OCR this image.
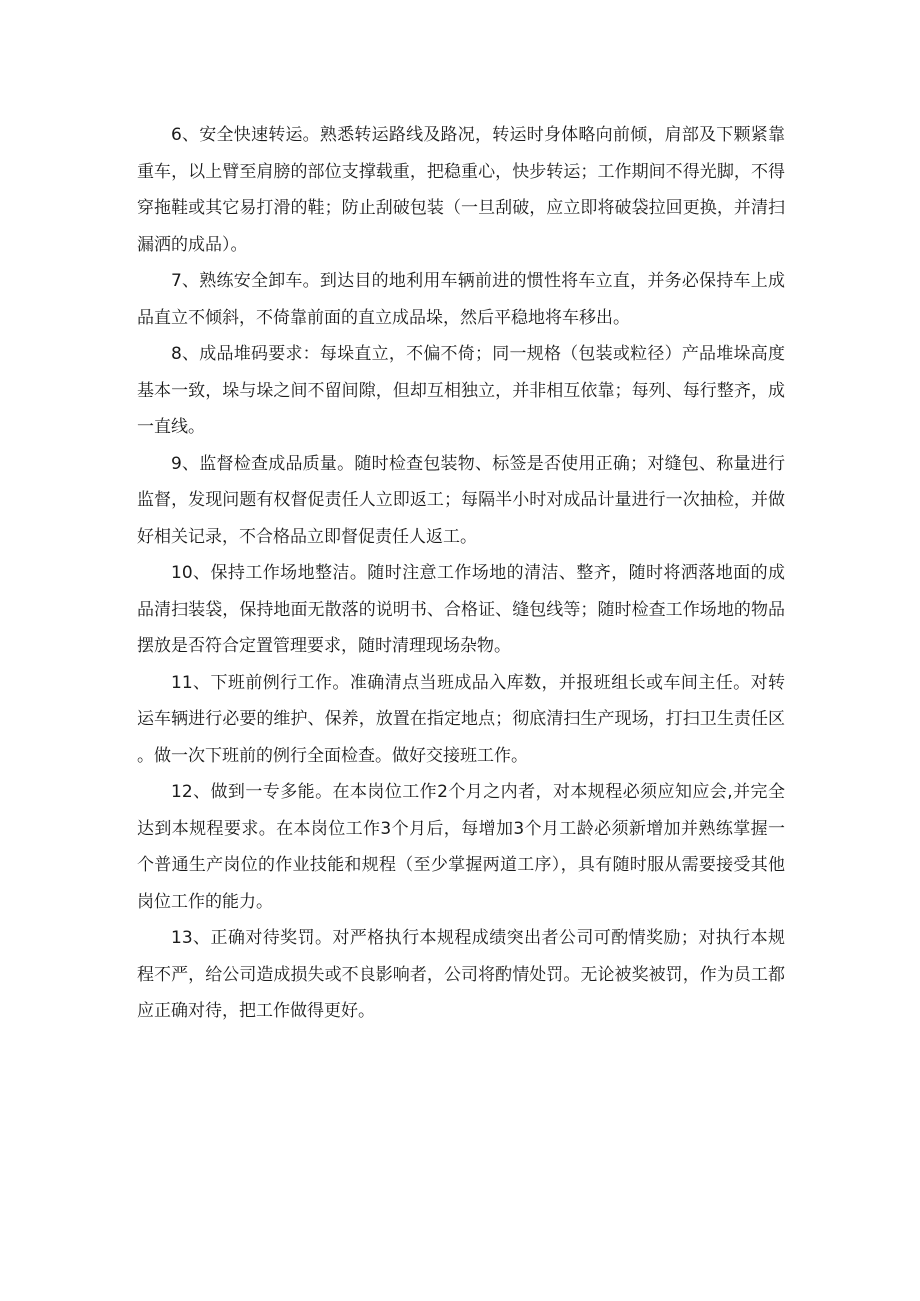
6、安全快速转运。熟悉转运路线及路况，转运时身体略向前倾，肩部及下颗紧靠重车，以上臂至肩膀的部位支撑载重，把稳重心，快步转运；工作期间不得光脚，不得穿拖鞋或其它易打滑的鞋；防止刮破包装（一旦刮破，应立即将破袋拉回更换，并清扫漏洒的成品）。

7、熟练安全卸车。到达目的地利用车辆前进的惯性将车立直，并务必保持车上成品直立不倾斜，不倚靠前面的直立成品垛，然后平稳地将车移出。

8、成品堆码要求：每垛直立，不偏不倚；同一规格（包装或粒径）产品堆垛高度基本一致，垛与垛之间不留间隙，但却互相独立，并非相互依靠；每列、每行整齐，成一直线。

9、监督检查成品质量。随时检查包装物、标签是否使用正确；对缝包、称量进行监督，发现问题有权督促责任人立即返工；每隔半小时对成品计量进行一次抽检，并做好相关记录，不合格品立即督促责任人返工。

10、保持工作场地整洁。随时注意工作场地的清洁、整齐，随时将洒落地面的成品清扫装袋，保持地面无散落的说明书、合格证、缝包线等；随时检查工作场地的物品摆放是否符合定置管理要求，随时清理现场杂物。

11、下班前例行工作。准确清点当班成品入库数，并报班组长或车间主任。对转运车辆进行必要的维护、保养，放置在指定地点；彻底清扫生产现场，打扫卫生责任区。做一次下班前的例行全面检查。做好交接班工作。

12、做到一专多能。在本岗位工作2个月之内者，对本规程必须应知应会,并完全达到本规程要求。在本岗位工作3个月后，每增加3个月工龄必须新增加并熟练掌握一个普通生产岗位的作业技能和规程（至少掌握两道工序），具有随时服从需要接受其他岗位工作的能力。

13、正确对待奖罚。对严格执行本规程成绩突出者公司可酌情奖励；对执行本规程不严，给公司造成损失或不良影响者，公司将酌情处罚。无论被奖被罚，作为员工都应正确对待，把工作做得更好。
